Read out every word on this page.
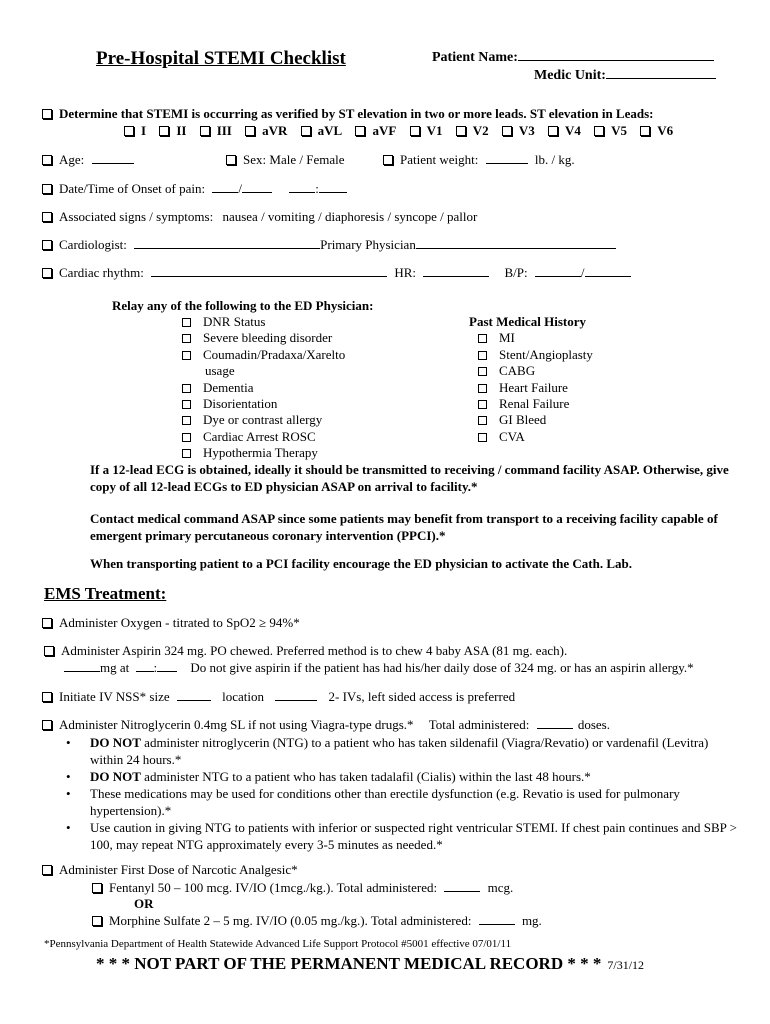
Pre-Hospital STEMI Checklist	Patient Name:
Medic Unit:
Determine that STEMI is occurring as verified by ST elevation in two or more leads. ST elevation in Leads:
I II III aVR aVL aVF V1 V2 V3 V4 V5 V6
Age:	Sex: Male / Female	Patient weight:	lb. / kg.
Date/Time of Onset of pain:	/	:
Associated signs / symptoms: nausea / vomiting / diaphoresis / syncope / pallor
Cardiologist:	Primary Physician
Cardiac rhythm:	HR:	B/P:	/
Relay any of the following to the ED Physician:
DNR Status
Severe bleeding disorder
Coumadin/Pradaxa/Xarelto
usage
Dementia
Disorientation
Dye or contrast allergy
Cardiac Arrest ROSC
Hypothermia Therapy
Past Medical History
MI
Stent/Angioplasty
CABG
Heart Failure
Renal Failure
GI Bleed
CVA
If a 12-lead ECG is obtained, ideally it should be transmitted to receiving / command facility ASAP. Otherwise, give copy of all 12-lead ECGs to ED physician ASAP on arrival to facility.*
Contact medical command ASAP since some patients may benefit from transport to a receiving facility capable of emergent primary percutaneous coronary intervention (PPCI).*
When transporting patient to a PCI facility encourage the ED physician to activate the Cath. Lab.
EMS Treatment:
Administer Oxygen - titrated to SpO2 ≥ 94%*
Administer Aspirin 324 mg. PO chewed. Preferred method is to chew 4 baby ASA (81 mg. each).
mg at :	Do not give aspirin if the patient has had his/her daily dose of 324 mg. or has an aspirin allergy.*
Initiate IV NSS* size	location	2- IVs, left sided access is preferred
Administer Nitroglycerin 0.4mg SL if not using Viagra-type drugs.* Total administered:	doses.
• DO NOT administer nitroglycerin (NTG) to a patient who has taken sildenafil (Viagra/Revatio) or vardenafil (Levitra) within 24 hours.*
• DO NOT administer NTG to a patient who has taken tadalafil (Cialis) within the last 48 hours.*
• These medications may be used for conditions other than erectile dysfunction (e.g. Revatio is used for pulmonary hypertension).*
• Use caution in giving NTG to patients with inferior or suspected right ventricular STEMI. If chest pain continues and SBP > 100, may repeat NTG approximately every 3-5 minutes as needed.*
Administer First Dose of Narcotic Analgesic*
Fentanyl 50 – 100 mcg. IV/IO (1mcg./kg.). Total administered:	mcg.
OR
Morphine Sulfate 2 – 5 mg. IV/IO (0.05 mg./kg.). Total administered:	mg.
*Pennsylvania Department of Health Statewide Advanced Life Support Protocol #5001 effective 07/01/11
* * * NOT PART OF THE PERMANENT MEDICAL RECORD * * * 7/31/12
